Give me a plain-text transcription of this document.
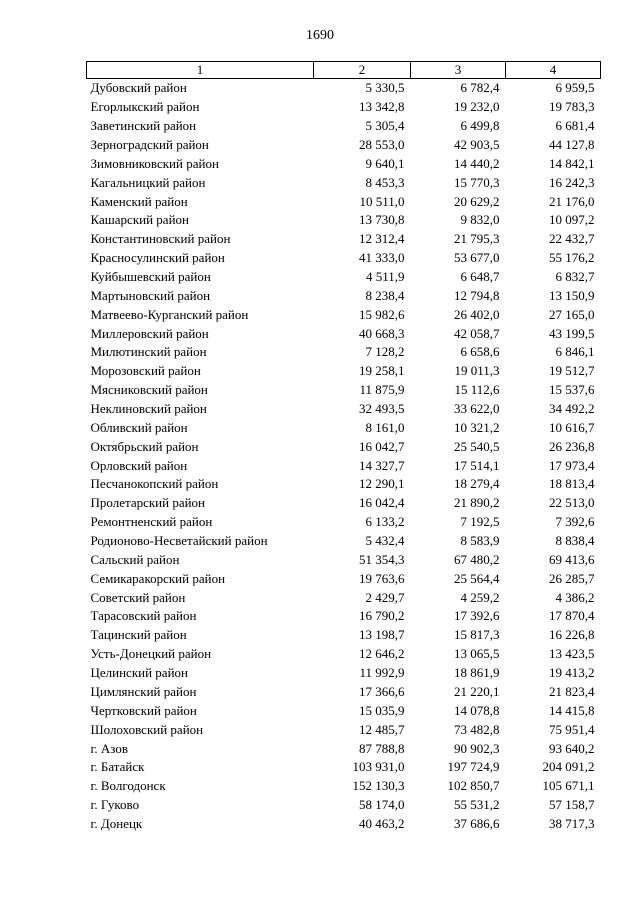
1690
1	2	3	4
Дубовский район	5 330,5	6 782,4	6 959,5
Егорлыкский район	13 342,8	19 232,0	19 783,3
Заветинский район	5 305,4	6 499,8	6 681,4
Зерноградский район	28 553,0	42 903,5	44 127,8
Зимовниковский район	9 640,1	14 440,2	14 842,1
Кагальницкий район	8 453,3	15 770,3	16 242,3
Каменский район	10 511,0	20 629,2	21 176,0
Кашарский район	13 730,8	9 832,0	10 097,2
Константиновский район	12 312,4	21 795,3	22 432,7
Красносулинский район	41 333,0	53 677,0	55 176,2
Куйбышевский район	4 511,9	6 648,7	6 832,7
Мартыновский район	8 238,4	12 794,8	13 150,9
Матвеево-Курганский район	15 982,6	26 402,0	27 165,0
Миллеровский район	40 668,3	42 058,7	43 199,5
Милютинский район	7 128,2	6 658,6	6 846,1
Морозовский район	19 258,1	19 011,3	19 512,7
Мясниковский район	11 875,9	15 112,6	15 537,6
Неклиновский район	32 493,5	33 622,0	34 492,2
Обливский район	8 161,0	10 321,2	10 616,7
Октябрьский район	16 042,7	25 540,5	26 236,8
Орловский район	14 327,7	17 514,1	17 973,4
Песчанокопский район	12 290,1	18 279,4	18 813,4
Пролетарский район	16 042,4	21 890,2	22 513,0
Ремонтненский район	6 133,2	7 192,5	7 392,6
Родионово-Несветайский район	5 432,4	8 583,9	8 838,4
Сальский район	51 354,3	67 480,2	69 413,6
Семикаракорский район	19 763,6	25 564,4	26 285,7
Советский район	2 429,7	4 259,2	4 386,2
Тарасовский район	16 790,2	17 392,6	17 870,4
Тацинский район	13 198,7	15 817,3	16 226,8
Усть-Донецкий район	12 646,2	13 065,5	13 423,5
Целинский район	11 992,9	18 861,9	19 413,2
Цимлянский район	17 366,6	21 220,1	21 823,4
Чертковский район	15 035,9	14 078,8	14 415,8
Шолоховский район	12 485,7	73 482,8	75 951,4
г. Азов	87 788,8	90 902,3	93 640,2
г. Батайск	103 931,0	197 724,9	204 091,2
г. Волгодонск	152 130,3	102 850,7	105 671,1
г. Гуково	58 174,0	55 531,2	57 158,7
г. Донецк	40 463,2	37 686,6	38 717,3
